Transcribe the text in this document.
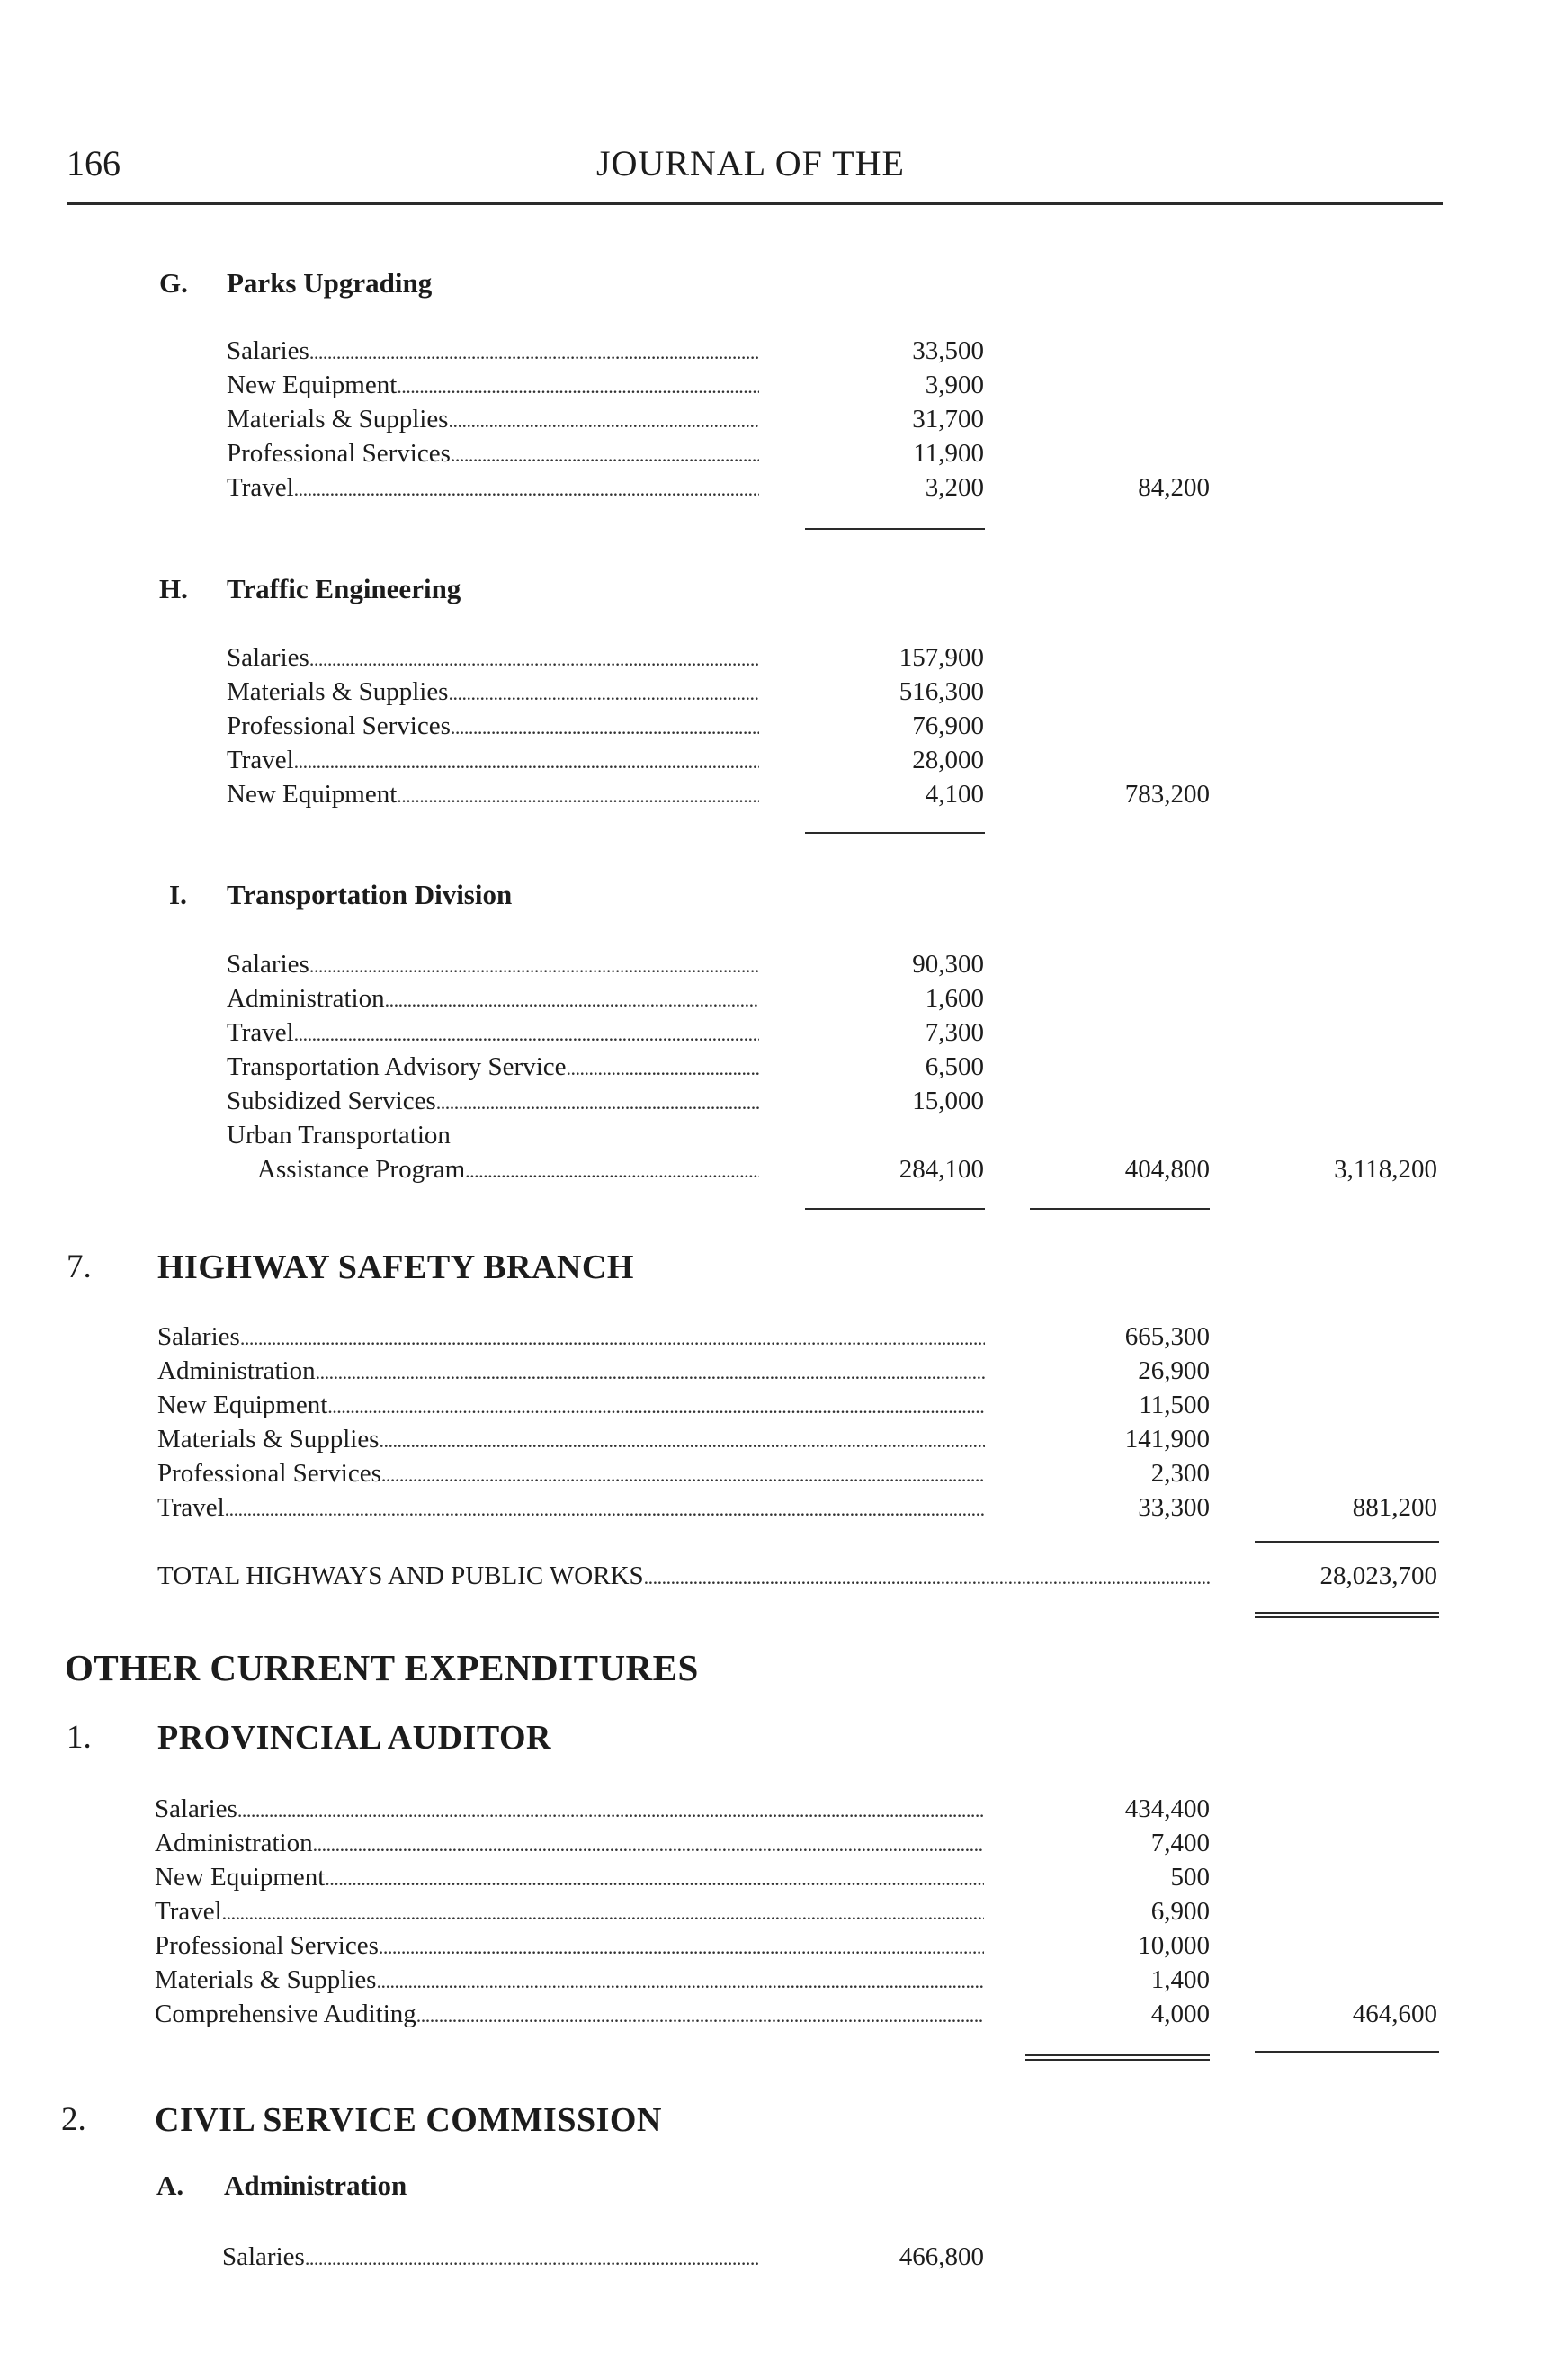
166	JOURNAL OF THE
G. Parks Upgrading
Salaries . . .	33,500
New Equipment . . .	3,900
Materials & Supplies . . .	31,700
Professional Services . . .	11,900
Travel . . .	3,200	84,200
H. Traffic Engineering
Salaries . . .	157,900
Materials & Supplies . . .	516,300
Professional Services . . .	76,900
Travel . . .	28,000
New Equipment . . .	4,100	783,200
I. Transportation Division
Salaries . . .	90,300
Administration . . .	1,600
Travel . . .	7,300
Transportation Advisory Service . . .	6,500
Subsidized Services . . .	15,000
Urban Transportation
Assistance Program . . .	284,100	404,800	3,118,200
7. HIGHWAY SAFETY BRANCH
Salaries . . .	665,300
Administration . . .	26,900
New Equipment . . .	11,500
Materials & Supplies . . .	141,900
Professional Services . . .	2,300
Travel . . .	33,300	881,200
TOTAL HIGHWAYS AND PUBLIC WORKS . . .	28,023,700
OTHER CURRENT EXPENDITURES
1. PROVINCIAL AUDITOR
Salaries . . .	434,400
Administration . . .	7,400
New Equipment . . .	500
Travel . . .	6,900
Professional Services . . .	10,000
Materials & Supplies . . .	1,400
Comprehensive Auditing . . .	4,000	464,600
2. CIVIL SERVICE COMMISSION
A. Administration
Salaries . . .	466,800
